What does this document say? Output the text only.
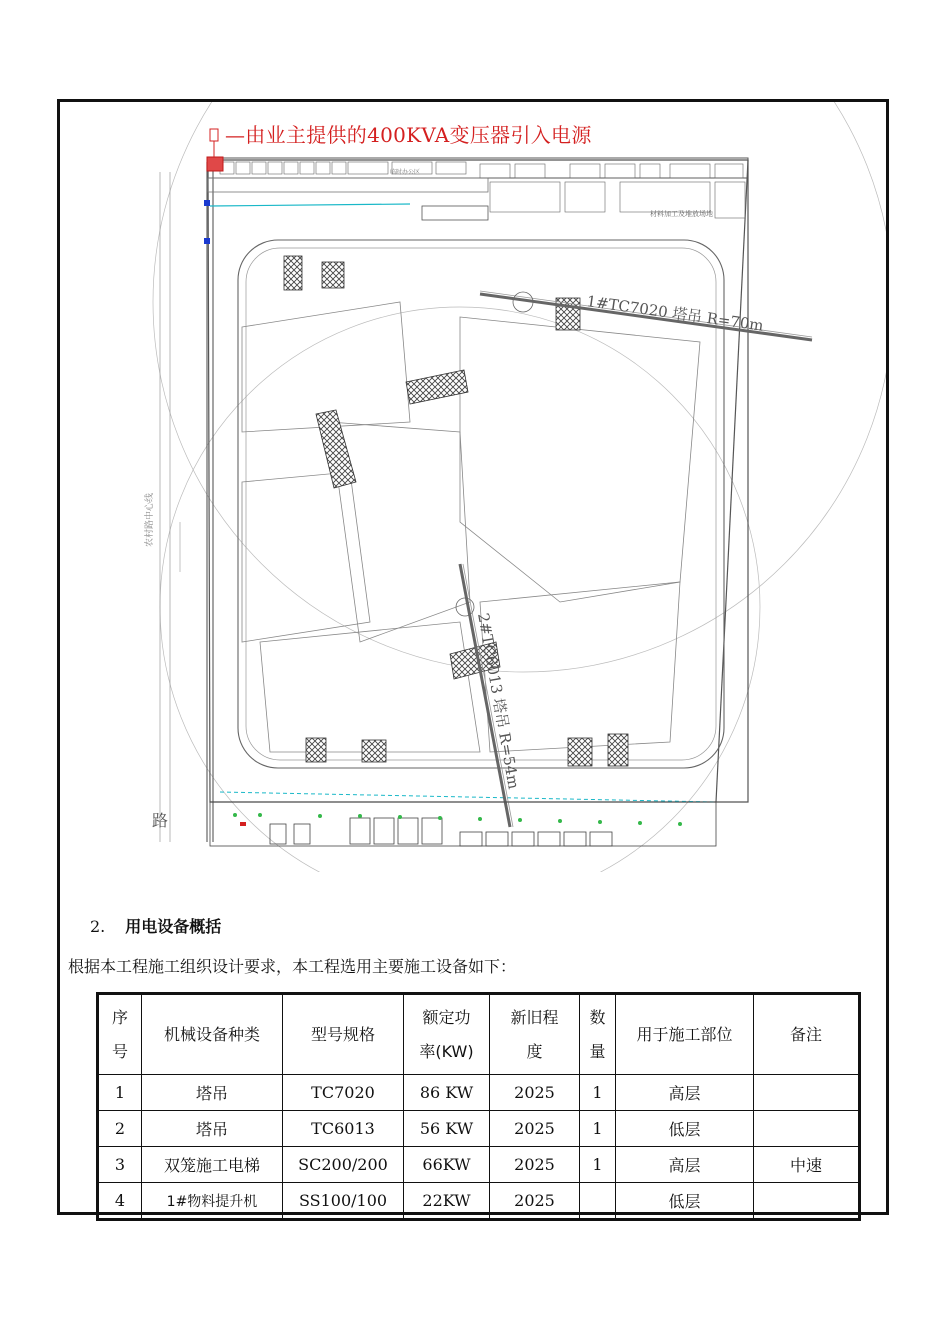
农村路中心线
材料加工及堆放场地
临时办公区
1#TC7020 塔吊 R=70m
2#TC6013 塔吊 R=54m
路
—由业主提供的400KVA变压器引入电源
2. 用电设备概括
根据本工程施工组织设计要求，本工程选用主要施工设备如下：
序
号	机械设备种类	型号规格	额定功
率(KW)	新旧程
度	数
量	用于施工部位	备注
1	塔吊	TC7020	86 KW	2025	1	高层	
2	塔吊	TC6013	56 KW	2025	1	低层	
3	双笼施工电梯	SC200/200	66KW	2025	1	高层	中速
4	1#物料提升机	SS100/100	22KW	2025		低层	
